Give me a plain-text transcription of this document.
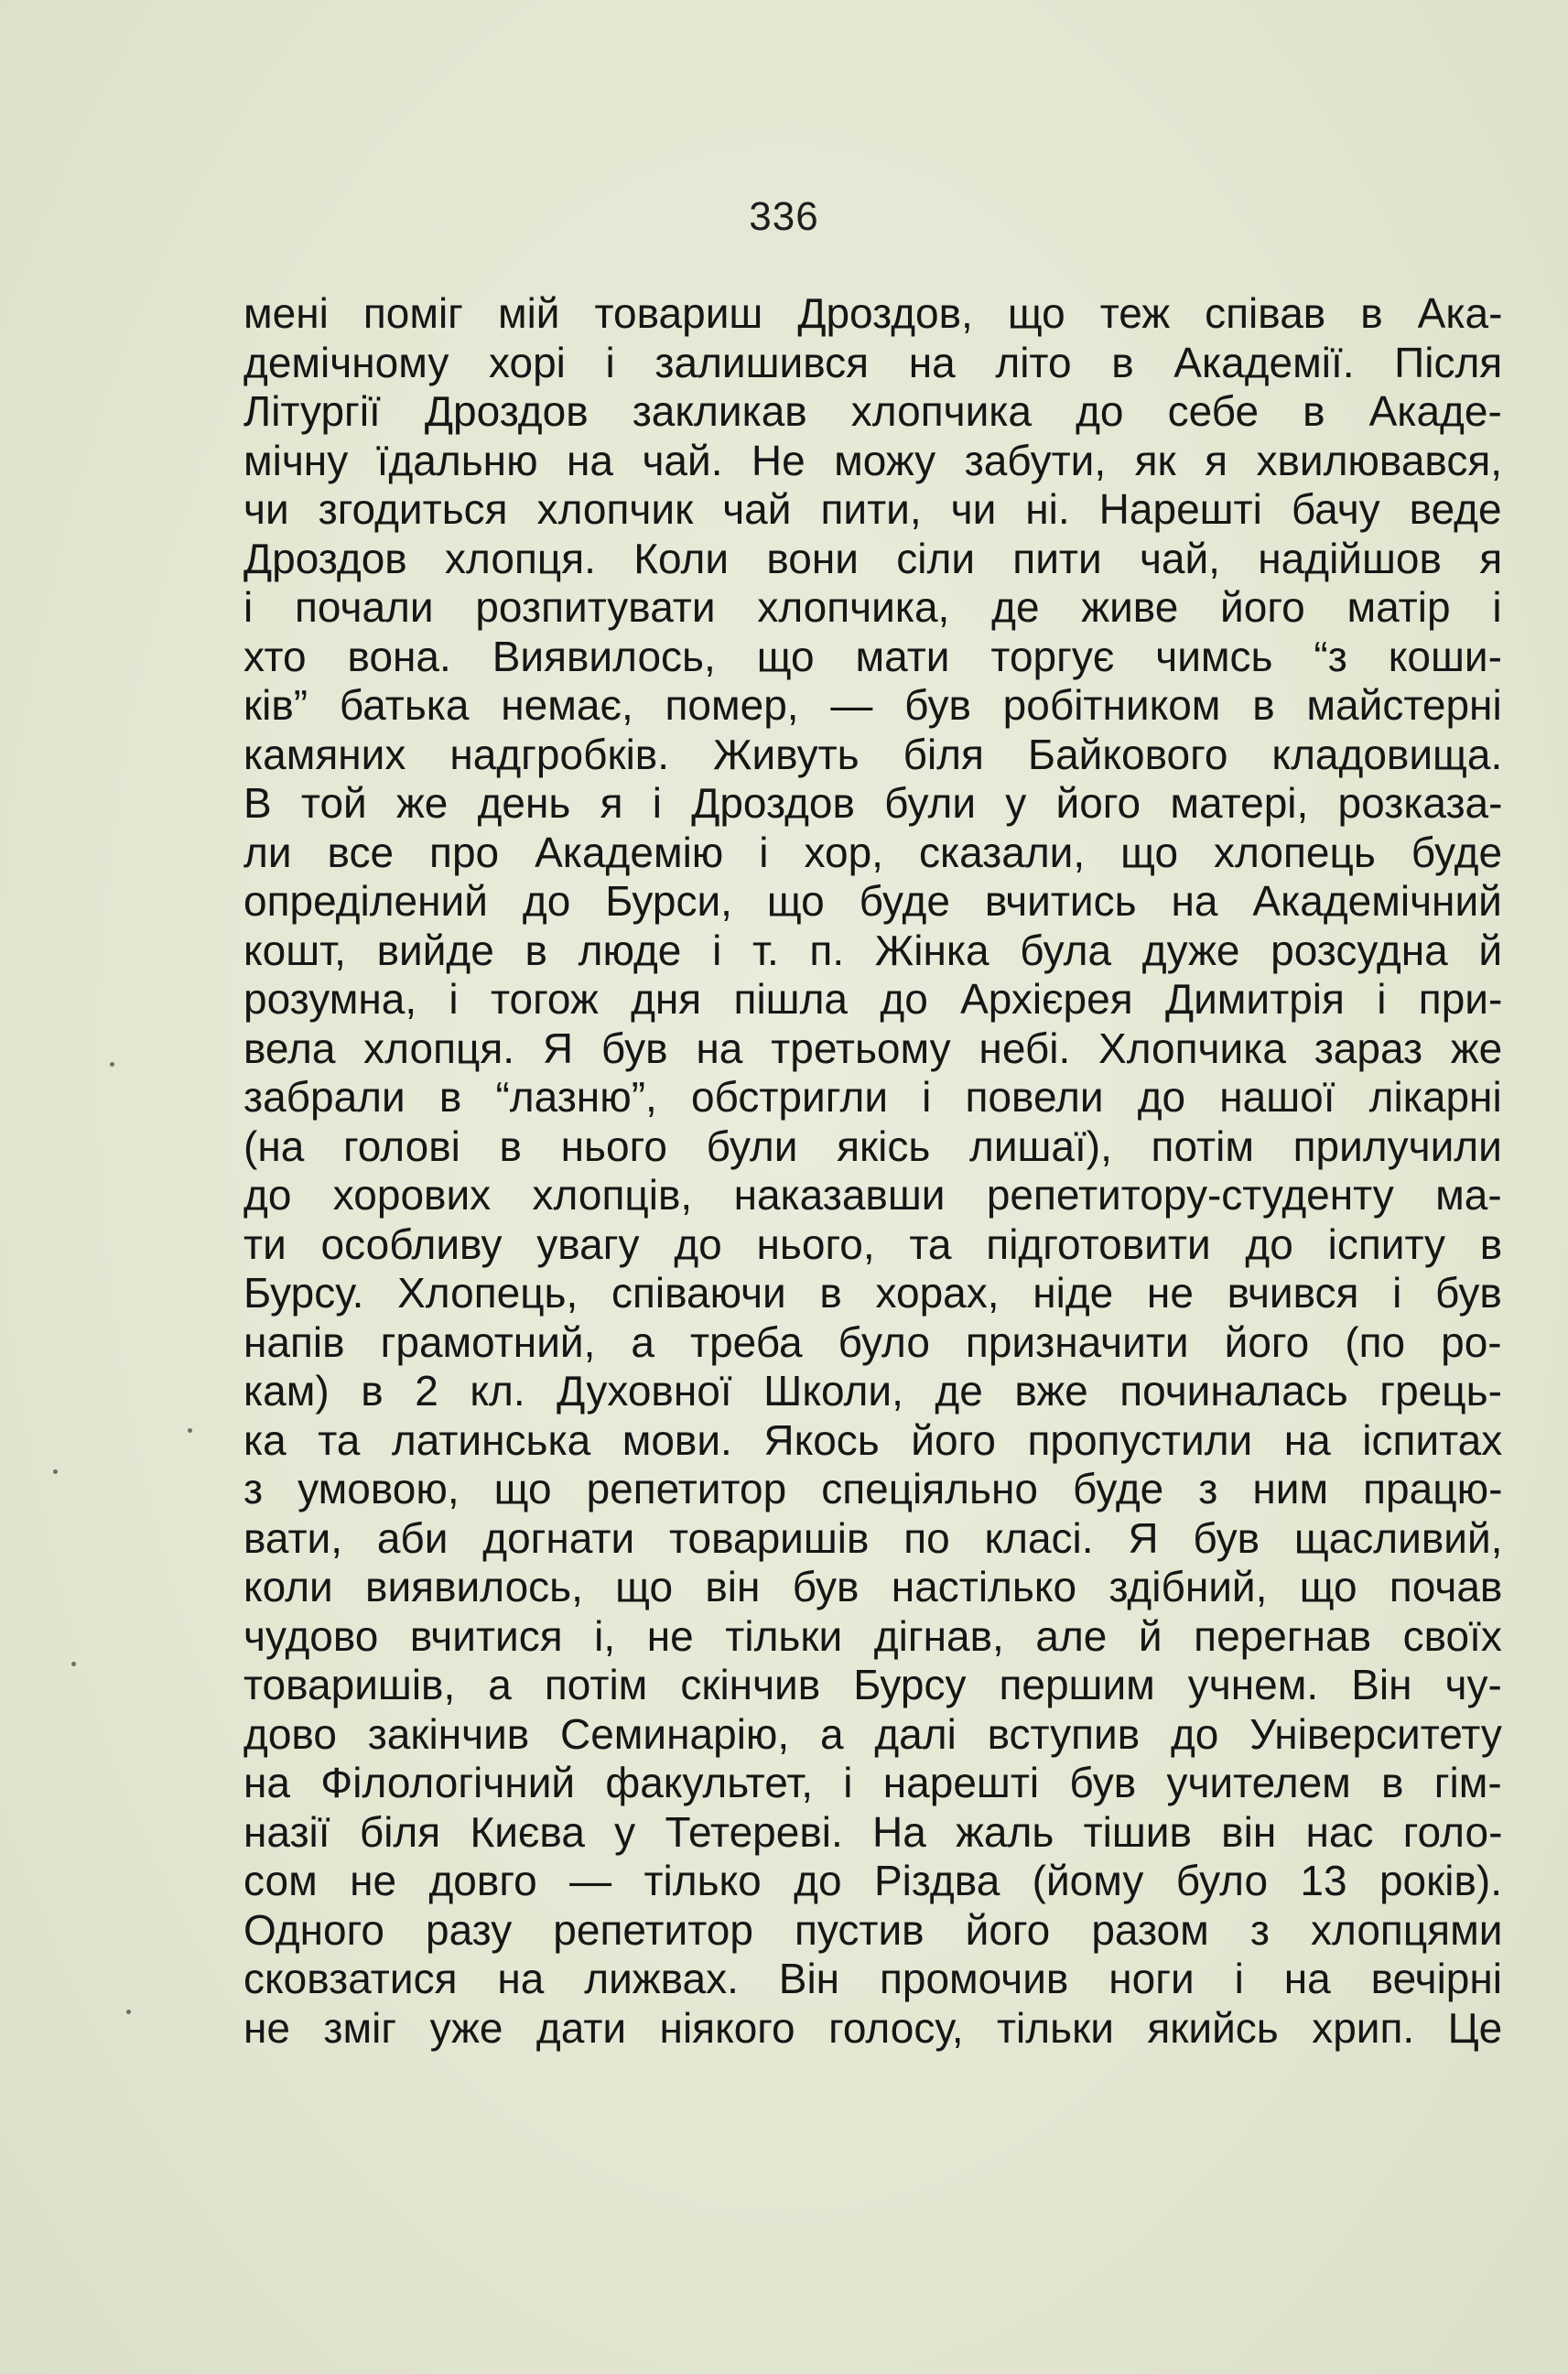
336
мені поміг мій товариш Дроздов, що теж співав в Ака-
демічному хорі і залишився на літо в Академії. Після
Літургії Дроздов закликав хлопчика до себе в Акаде-
мічну їдальню на чай. Не можу забути, як я хвилювався,
чи згодиться хлопчик чай пити, чи ні. Нарешті бачу веде
Дроздов хлопця. Коли вони сіли пити чай, надійшов я
і почали розпитувати хлопчика, де живе його матір і
хто вона. Виявилось, що мати торгує чимсь “з коши-
ків” батька немає, помер, — був робітником в майстерні
камяних надгробків. Живуть біля Байкового кладовища.
В той же день я і Дроздов були у його матері, розказа-
ли все про Академію і хор, сказали, що хлопець буде
опреділений до Бурси, що буде вчитись на Академічний
кошт, вийде в люде і т. п. Жінка була дуже розсудна й
розумна, і тогож дня пішла до Архієрея Димитрія і при-
вела хлопця. Я був на третьому небі. Хлопчика зараз же
забрали в “лазню”, обстригли і повели до нашої лікарні
(на голові в нього були якісь лишаї), потім прилучили
до хорових хлопців, наказавши репетитору-студенту ма-
ти особливу увагу до нього, та підготовити до іспиту в
Бурсу. Хлопець, співаючи в хорах, ніде не вчився і був
напів грамотний, а треба було призначити його (по ро-
кам) в 2 кл. Духовної Школи, де вже починалась грець-
ка та латинська мови. Якось його пропустили на іспитах
з умовою, що репетитор спеціяльно буде з ним працю-
вати, аби догнати товаришів по класі. Я був щасливий,
коли виявилось, що він був настілько здібний, що почав
чудово вчитися і, не тільки дігнав, але й перегнав своїх
товаришів, а потім скінчив Бурсу першим учнем. Він чу-
дово закінчив Семинарію, а далі вступив до Університету
на Філологічний факультет, і нарешті був учителем в гім-
назії біля Києва у Тетереві. На жаль тішив він нас голо-
сом не довго — тілько до Різдва (йому було 13 років).
Одного разу репетитор пустив його разом з хлопцями
сковзатися на лижвах. Він промочив ноги і на вечірні
не зміг уже дати ніякого голосу, тільки якийсь хрип. Це
